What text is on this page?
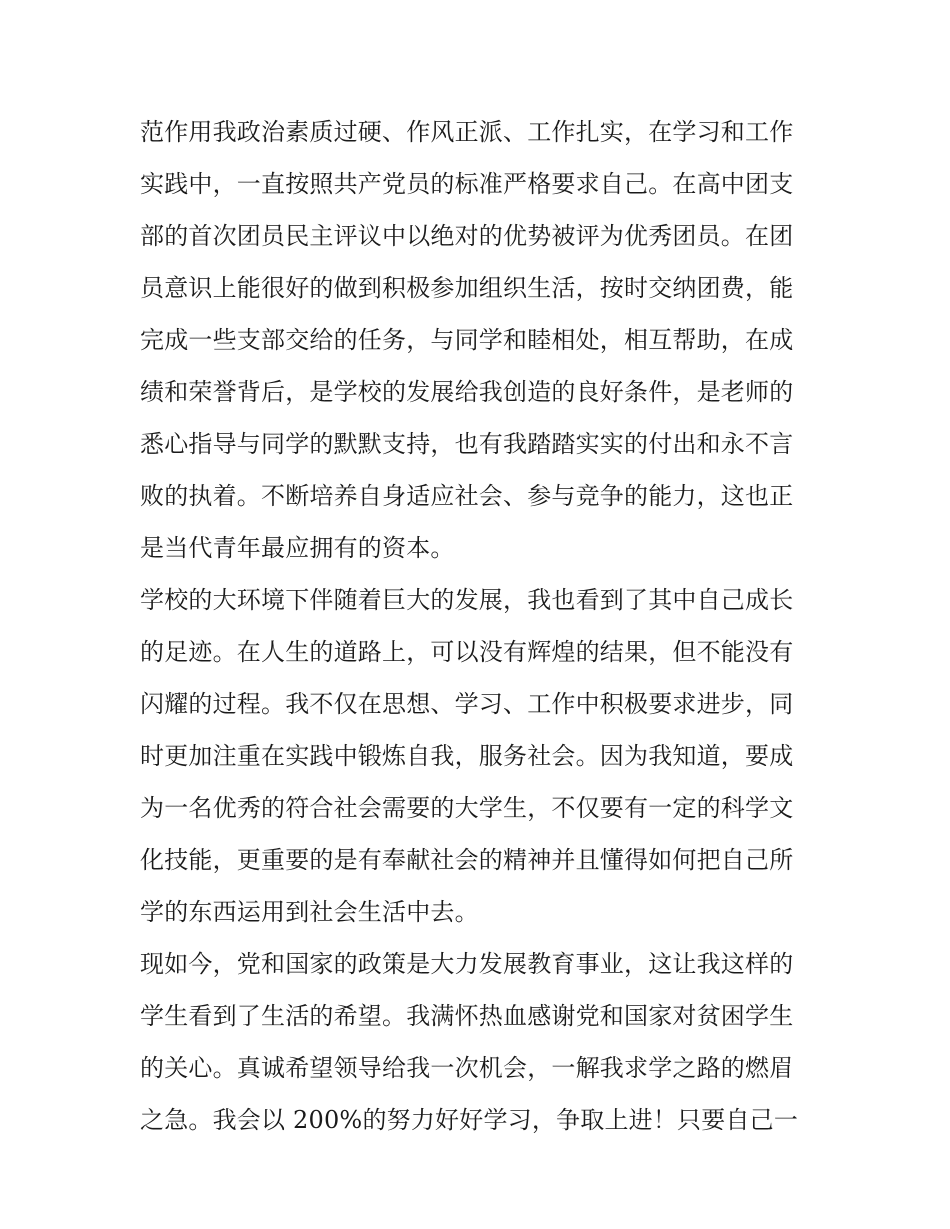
范作用我政治素质过硬、作风正派、工作扎实，在学习和工作
实践中，一直按照共产党员的标准严格要求自己。在高中团支
部的首次团员民主评议中以绝对的优势被评为优秀团员。在团
员意识上能很好的做到积极参加组织生活，按时交纳团费，能
完成一些支部交给的任务，与同学和睦相处，相互帮助，在成
绩和荣誉背后，是学校的发展给我创造的良好条件，是老师的
悉心指导与同学的默默支持，也有我踏踏实实的付出和永不言
败的执着。不断培养自身适应社会、参与竞争的能力，这也正
是当代青年最应拥有的资本。
学校的大环境下伴随着巨大的发展，我也看到了其中自己成长
的足迹。在人生的道路上，可以没有辉煌的结果，但不能没有
闪耀的过程。我不仅在思想、学习、工作中积极要求进步，同
时更加注重在实践中锻炼自我，服务社会。因为我知道，要成
为一名优秀的符合社会需要的大学生，不仅要有一定的科学文
化技能，更重要的是有奉献社会的精神并且懂得如何把自己所
学的东西运用到社会生活中去。
现如今，党和国家的政策是大力发展教育事业，这让我这样的
学生看到了生活的希望。我满怀热血感谢党和国家对贫困学生
的关心。真诚希望领导给我一次机会，一解我求学之路的燃眉
之急。我会以 200%的努力好好学习，争取上进！只要自己一
